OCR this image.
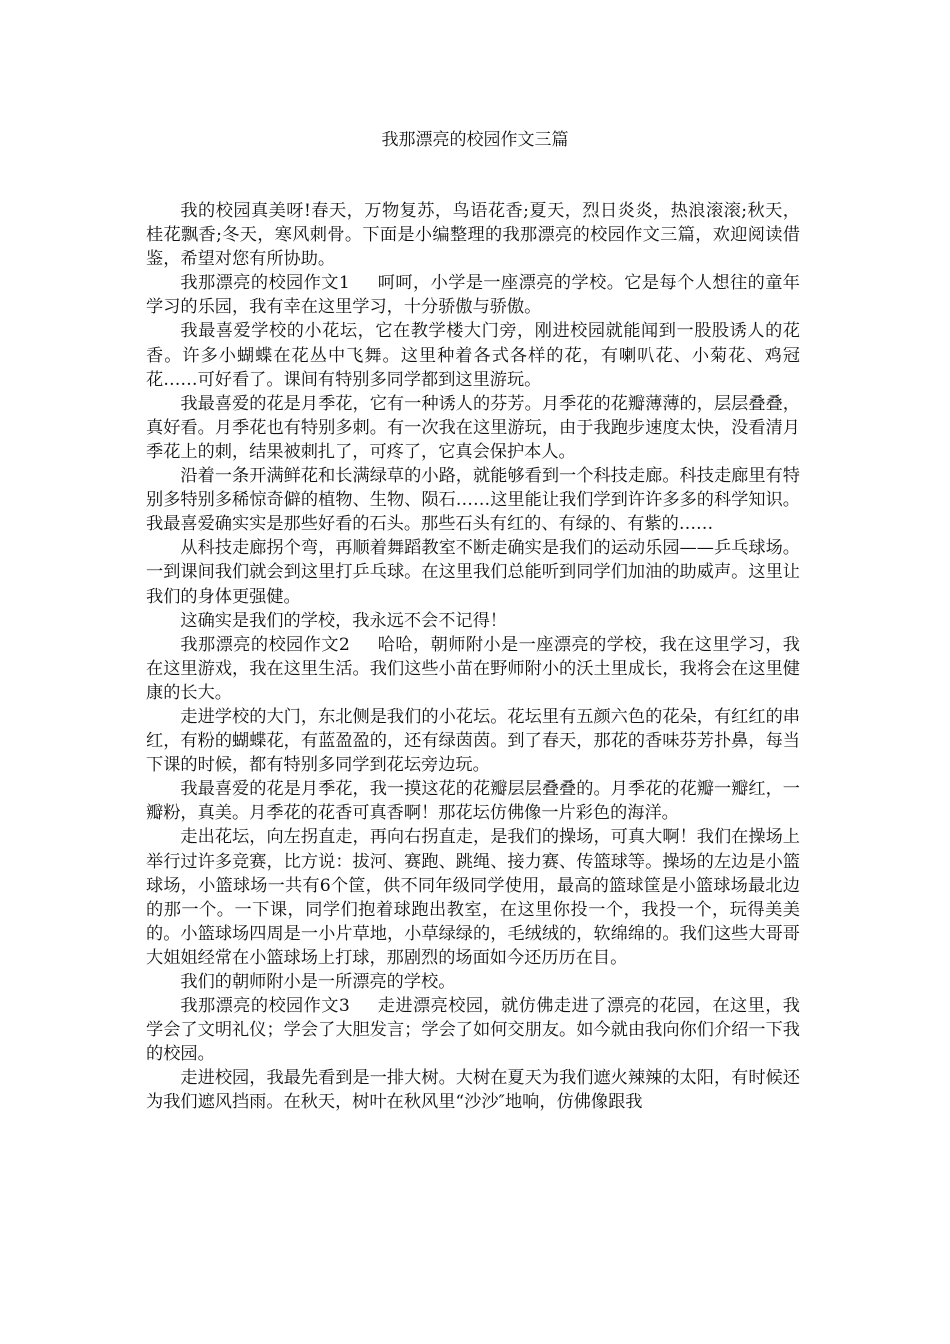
我那漂亮的校园作文三篇

我的校园真美呀!春天，万物复苏，鸟语花香;夏天，烈日炎炎，热浪滚滚;秋天，桂花飘香;冬天，寒风刺骨。下面是小编整理的我那漂亮的校园作文三篇，欢迎阅读借鉴，希望对您有所协助。

我那漂亮的校园作文1 呵呵，小学是一座漂亮的学校。它是每个人想往的童年学习的乐园，我有幸在这里学习，十分骄傲与骄傲。

我最喜爱学校的小花坛，它在教学楼大门旁，刚进校园就能闻到一股股诱人的花香。许多小蝴蝶在花丛中飞舞。这里种着各式各样的花，有喇叭花、小菊花、鸡冠花……可好看了。课间有特别多同学都到这里游玩。

我最喜爱的花是月季花，它有一种诱人的芬芳。月季花的花瓣薄薄的，层层叠叠，真好看。月季花也有特别多刺。有一次我在这里游玩，由于我跑步速度太快，没看清月季花上的刺，结果被刺扎了，可疼了，它真会保护本人。

沿着一条开满鲜花和长满绿草的小路，就能够看到一个科技走廊。科技走廊里有特别多特别多稀惊奇僻的植物、生物、陨石……这里能让我们学到许许多多的科学知识。我最喜爱确实实是那些好看的石头。那些石头有红的、有绿的、有紫的……

从科技走廊拐个弯，再顺着舞蹈教室不断走确实是我们的运动乐园——乒乓球场。一到课间我们就会到这里打乒乓球。在这里我们总能听到同学们加油的助威声。这里让我们的身体更强健。

这确实是我们的学校，我永远不会不记得！

我那漂亮的校园作文2 哈哈，朝师附小是一座漂亮的学校，我在这里学习，我在这里游戏，我在这里生活。我们这些小苗在野师附小的沃土里成长，我将会在这里健康的长大。

走进学校的大门，东北侧是我们的小花坛。花坛里有五颜六色的花朵，有红红的串红，有粉的蝴蝶花，有蓝盈盈的，还有绿茵茵。到了春天，那花的香味芬芳扑鼻，每当下课的时候，都有特别多同学到花坛旁边玩。

我最喜爱的花是月季花，我一摸这花的花瓣层层叠叠的。月季花的花瓣一瓣红，一瓣粉，真美。月季花的花香可真香啊！那花坛仿佛像一片彩色的海洋。

走出花坛，向左拐直走，再向右拐直走，是我们的操场，可真大啊！我们在操场上举行过许多竞赛，比方说：拔河、赛跑、跳绳、接力赛、传篮球等。操场的左边是小篮球场，小篮球场一共有6个筐，供不同年级同学使用，最高的篮球筐是小篮球场最北边的那一个。一下课，同学们抱着球跑出教室，在这里你投一个，我投一个，玩得美美的。小篮球场四周是一小片草地，小草绿绿的，毛绒绒的，软绵绵的。我们这些大哥哥大姐姐经常在小篮球场上打球，那剧烈的场面如今还历历在目。

我们的朝师附小是一所漂亮的学校。

我那漂亮的校园作文3 走进漂亮校园，就仿佛走进了漂亮的花园，在这里，我学会了文明礼仪；学会了大胆发言；学会了如何交朋友。如今就由我向你们介绍一下我的校园。

走进校园，我最先看到是一排大树。大树在夏天为我们遮火辣辣的太阳，有时候还为我们遮风挡雨。在秋天，树叶在秋风里“沙沙″地响，仿佛像跟我
